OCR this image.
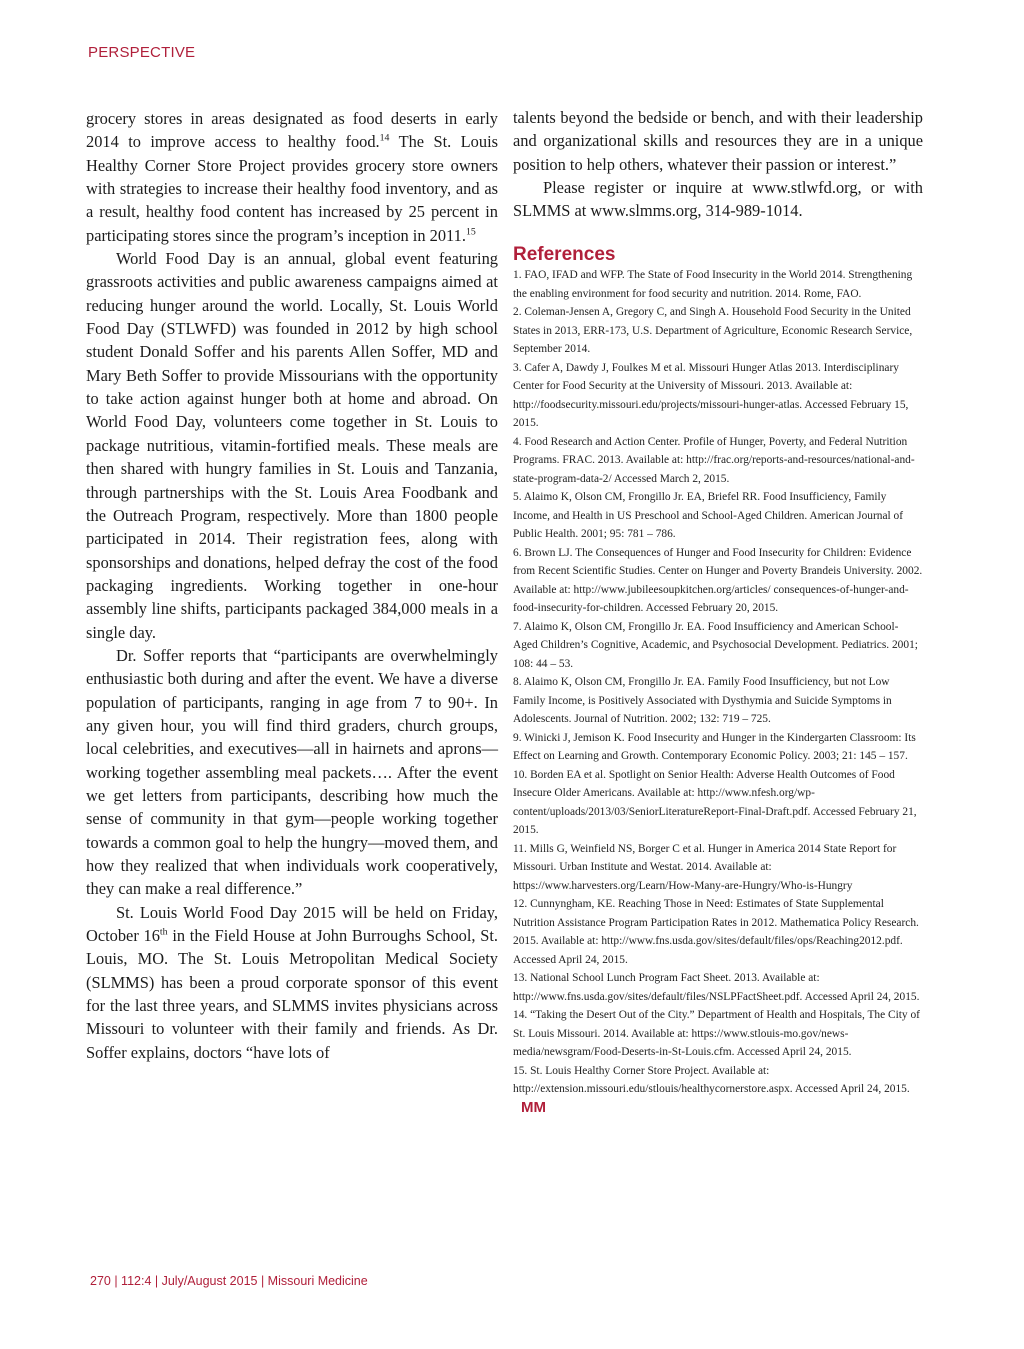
PERSPECTIVE

grocery stores in areas designated as food deserts in early 2014 to improve access to healthy food.$^{14}$ The St. Louis Healthy Corner Store Project provides grocery store owners with strategies to increase their healthy food inventory, and as a result, healthy food content has increased by 25 percent in participating stores since the program’s inception in 2011.15

World Food Day is an annual, global event featuring grassroots activities and public awareness campaigns aimed at reducing hunger around the world. Locally, St. Louis World Food Day (STLWFD) was founded in 2012 by high school student Donald Soffer and his parents Allen Soffer, MD and Mary Beth Soffer to provide Missourians with the opportunity to take action against hunger both at home and abroad. On World Food Day, volunteers come together in St. Louis to package nutritious, vitamin-fortified meals. These meals are then shared with hungry families in St. Louis and Tanzania, through partnerships with the St. Louis Area Foodbank and the Outreach Program, respectively. More than 1800 people participated in 2014. Their registration fees, along with sponsorships and donations, helped defray the cost of the food packaging ingredients. Working together in one-hour assembly line shifts, participants packaged 384,000 meals in a single day.

Dr. Soffer reports that “participants are overwhelmingly enthusiastic both during and after the event. We have a diverse population of participants, ranging in age from 7 to 90+. In any given hour, you will find third graders, church groups, local celebrities, and executives—all in hairnets and aprons—working together assembling meal packets…. After the event we get letters from participants, describing how much the sense of community in that gym—people working together towards a common goal to help the hungry—moved them, and how they realized that when individuals work cooperatively, they can make a real difference.”

St. Louis World Food Day 2015 will be held on Friday, October 16th in the Field House at John Burroughs School, St. Louis, MO. The St. Louis Metropolitan Medical Society (SLMMS) has been a proud corporate sponsor of this event for the last three years, and SLMMS invites physicians across Missouri to volunteer with their family and friends. As Dr. Soffer explains, doctors “have lots of

talents beyond the bedside or bench, and with their leadership and organizational skills and resources they are in a unique position to help others, whatever their passion or interest.”

Please register or inquire at www.stlwfd.org, or with SLMMS at www.slmms.org, 314-989-1014.

References
1. FAO, IFAD and WFP. The State of Food Insecurity in the World 2014. Strengthening the enabling environment for food security and nutrition. 2014. Rome, FAO.
2. Coleman-Jensen A, Gregory C, and Singh A. Household Food Security in the United States in 2013, ERR-173, U.S. Department of Agriculture, Economic Research Service, September 2014.
3. Cafer A, Dawdy J, Foulkes M et al. Missouri Hunger Atlas 2013. Interdisciplinary Center for Food Security at the University of Missouri. 2013. Available at: http://foodsecurity.missouri.edu/projects/missouri-hunger-atlas. Accessed February 15, 2015.
4. Food Research and Action Center. Profile of Hunger, Poverty, and Federal Nutrition Programs. FRAC. 2013. Available at: http://frac.org/reports-and-resources/national-and-state-program-data-2/ Accessed March 2, 2015.
5. Alaimo K, Olson CM, Frongillo Jr. EA, Briefel RR. Food Insufficiency, Family Income, and Health in US Preschool and School-Aged Children. American Journal of Public Health. 2001; 95: 781 – 786.
6. Brown LJ. The Consequences of Hunger and Food Insecurity for Children: Evidence from Recent Scientific Studies. Center on Hunger and Poverty Brandeis University. 2002. Available at: http://www.jubileesoupkitchen.org/articles/ consequences-of-hunger-and-food-insecurity-for-children. Accessed February 20, 2015.
7. Alaimo K, Olson CM, Frongillo Jr. EA. Food Insufficiency and American School-Aged Children’s Cognitive, Academic, and Psychosocial Development. Pediatrics. 2001; 108: 44 – 53.
8. Alaimo K, Olson CM, Frongillo Jr. EA. Family Food Insufficiency, but not Low Family Income, is Positively Associated with Dysthymia and Suicide Symptoms in Adolescents. Journal of Nutrition. 2002; 132: 719 – 725.
9. Winicki J, Jemison K. Food Insecurity and Hunger in the Kindergarten Classroom: Its Effect on Learning and Growth. Contemporary Economic Policy. 2003; 21: 145 – 157.
10. Borden EA et al. Spotlight on Senior Health: Adverse Health Outcomes of Food Insecure Older Americans. Available at: http://www.nfesh.org/wp-content/uploads/2013/03/SeniorLiteratureReport-Final-Draft.pdf. Accessed February 21, 2015.
11. Mills G, Weinfield NS, Borger C et al. Hunger in America 2014 State Report for Missouri. Urban Institute and Westat. 2014. Available at: https://www.harvesters.org/Learn/How-Many-are-Hungry/Who-is-Hungry
12. Cunnyngham, KE. Reaching Those in Need: Estimates of State Supplemental Nutrition Assistance Program Participation Rates in 2012. Mathematica Policy Research. 2015. Available at: http://www.fns.usda.gov/sites/default/files/ops/Reaching2012.pdf. Accessed April 24, 2015.
13. National School Lunch Program Fact Sheet. 2013. Available at: http://www.fns.usda.gov/sites/default/files/NSLPFactSheet.pdf. Accessed April 24, 2015.
14. “Taking the Desert Out of the City.” Department of Health and Hospitals, The City of St. Louis Missouri. 2014. Available at: https://www.stlouis-mo.gov/news-media/newsgram/Food-Deserts-in-St-Louis.cfm. Accessed April 24, 2015.
15. St. Louis Healthy Corner Store Project. Available at: http://extension.missouri.edu/stlouis/healthycornerstore.aspx. Accessed April 24, 2015.MM
270 | 112:4 | July/August 2015 | Missouri Medicine
